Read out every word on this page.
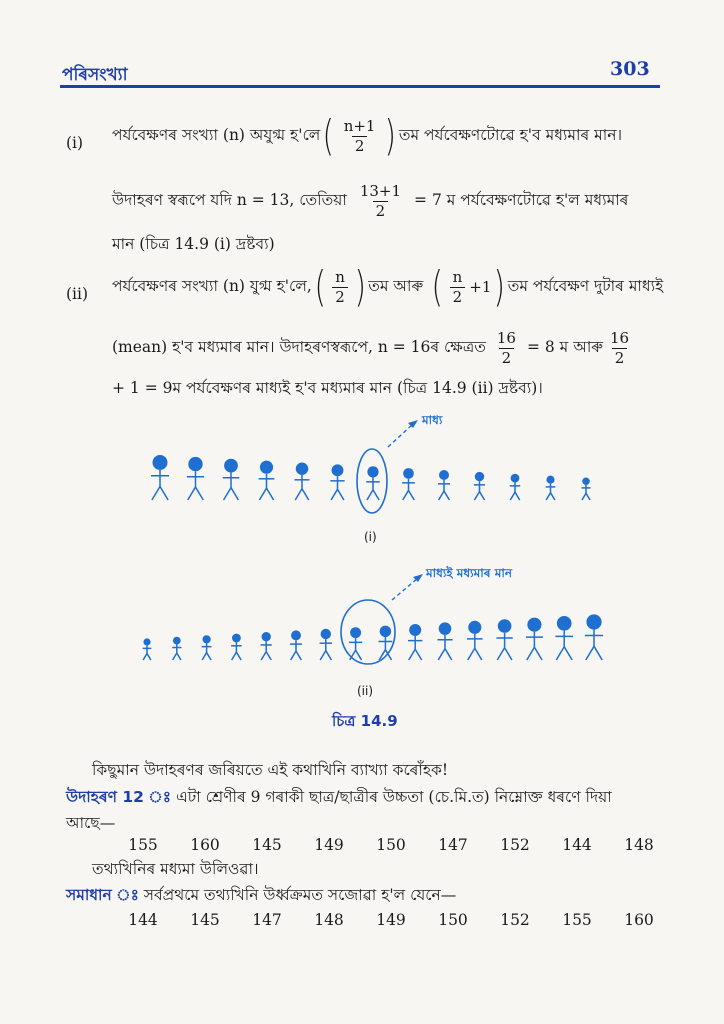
পৰিসংখ্যা	303
(i) পৰ্যবেক্ষণৰ সংখ্যা (n) অযুগ্ম হ'লে ( $\frac{n+1}{2}$ ) তম পৰ্যবেক্ষণটোৱে হ'ব মধ্যমাৰ মান।
উদাহৰণ স্বৰূপে যদি n = 13, তেতিয়া $\frac{13+1}{2} = 7$ ম পৰ্যবেক্ষণটোৱে হ'ল মধ্যমাৰ
মান (চিত্ৰ 14.9 (i) দ্ৰষ্টব্য)
(ii) পৰ্যবেক্ষণৰ সংখ্যা (n) যুগ্ম হ'লে, ( $\frac{n}{2}$ ) তম আৰু ( $\frac{n}{2} +1$ ) তম পৰ্যবেক্ষণ দুটাৰ মাধ্যই
(mean) হ'ব মধ্যমাৰ মান। উদাহৰণস্বৰূপে, n = 16ৰ ক্ষেত্ৰত $\frac{16}{2} = 8$ ম আৰু $\frac{16}{2}$
+ 1 = 9ম পৰ্যবেক্ষণৰ মাধ্যই হ'ব মধ্যমাৰ মান (চিত্ৰ 14.9 (ii) দ্ৰষ্টব্য)।
মাধ্য
(i)
মাধ্যই মধ্যমাৰ মান
(ii)
চিত্ৰ 14.9
কিছুমান উদাহৰণৰ জৰিয়তে এই কথাখিনি ব্যাখ্যা কৰোঁহক!
উদাহৰণ 12 ঃ এটা শ্ৰেণীৰ 9 গৰাকী ছাত্ৰ/ছাত্ৰীৰ উচ্চতা (চে.মি.ত) নিম্নোক্ত ধৰণে দিয়া
আছে—
155	160	145	149	150	147	152	144	148
তথ্যখিনিৰ মধ্যমা উলিওৱা।
সমাধান ঃ সৰ্বপ্ৰথমে তথ্যখিনি উৰ্ধ্বক্ৰমত সজোৱা হ'ল যেনে—
144	145	147	148	149	150	152	155	160
